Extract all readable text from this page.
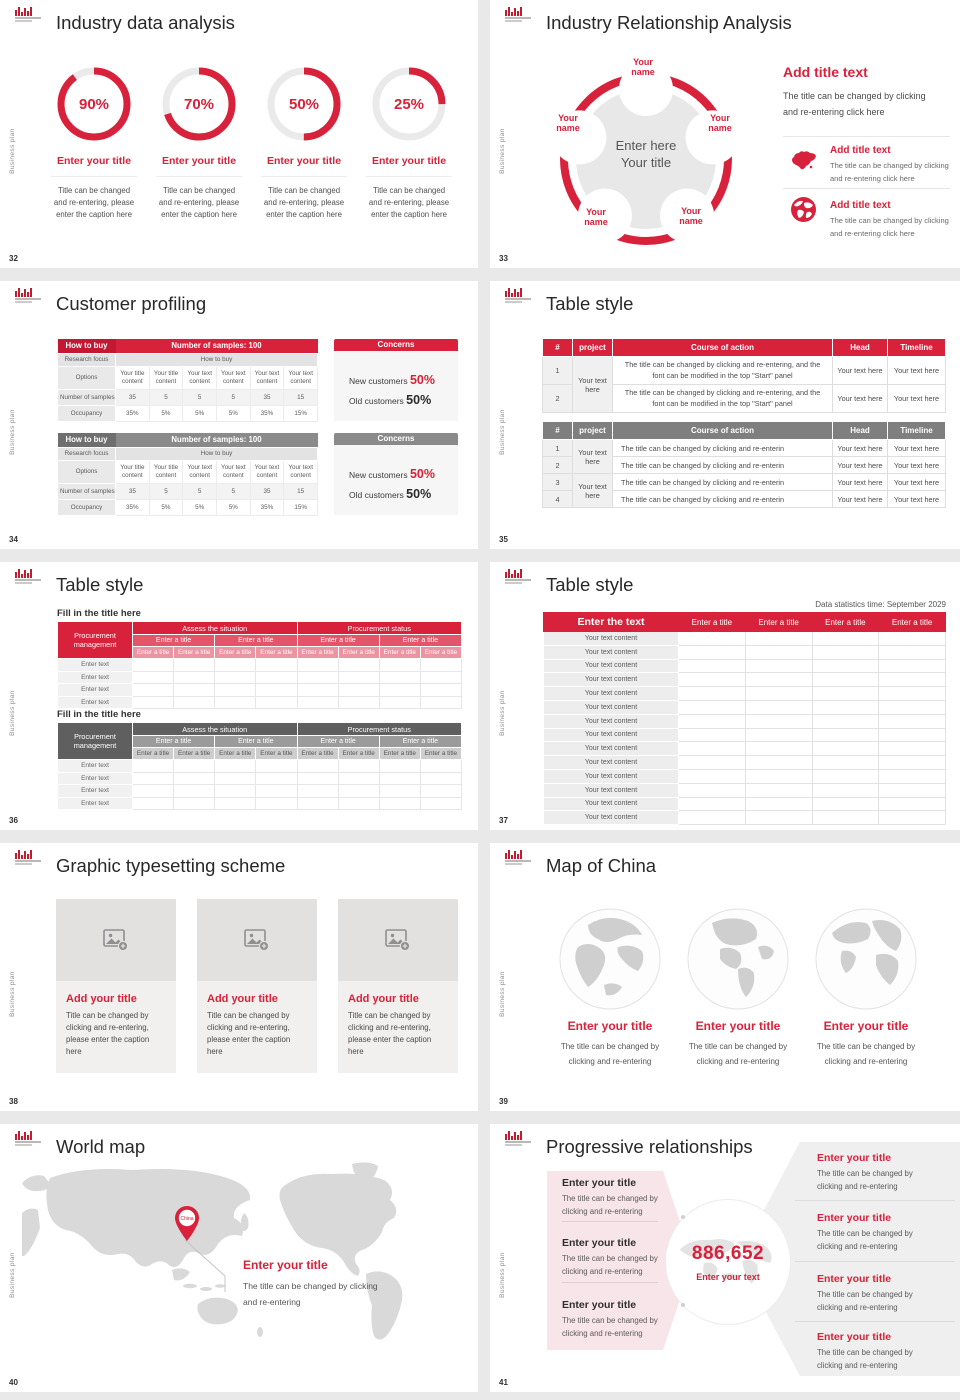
Business plan
Industry data analysis
90%
Enter your title
Title can be changed
and re-entering, please
enter the caption here
70%
Enter your title
Title can be changed
and re-entering, please
enter the caption here
50%
Enter your title
Title can be changed
and re-entering, please
enter the caption here
25%
Enter your title
Title can be changed
and re-entering, please
enter the caption here
32
Business plan
Industry Relationship Analysis
Your name
Your name
Your name
Your name
Your name
Enter here
Your title
Add title text
The title can be changed by clicking
and re-entering click here
Add title text
The title can be changed by clicking
and re-entering click here
Add title text
The title can be changed by clicking
and re-entering click here
33
Business plan
Customer profiling
How to buy	Number of samples: 100					
Research focus	How to buy					
Options	Your title content	Your title content	Your text content	Your text content	Your text content	Your text content
Number of samples	35	5	5	5	35	15
Occupancy	35%	5%	5%	5%	35%	15%
Concerns
New customers 50%
Old customers 50%
How to buy	Number of samples: 100					
Research focus	How to buy					
Options	Your title content	Your title content	Your text content	Your text content	Your text content	Your text content
Number of samples	35	5	5	5	35	15
Occupancy	35%	5%	5%	5%	35%	15%
Concerns
New customers 50%
Old customers 50%
34
Business plan
Table style
#	project	Course of action	Head	Timeline
1	Your text here	The title can be changed by clicking and re-entering, and the font can be modified in the top "Start" panel	Your text here	Your text here
2		The title can be changed by clicking and re-entering, and the font can be modified in the top "Start" panel	Your text here	Your text here
#	project	Course of action	Head	Timeline
1	Your text here	The title can be changed by clicking and re-enterin	Your text here	Your text here
2		The title can be changed by clicking and re-enterin	Your text here	Your text here
3	Your text here	The title can be changed by clicking and re-enterin	Your text here	Your text here
4		The title can be changed by clicking and re-enterin	Your text here	Your text here
35
Business plan
Table style
Fill in the title here
Procurement management	Assess the situation				Procurement status			
	Enter a title		Enter a title		Enter a title		Enter a title	
	Enter a title	Enter a title	Enter a title	Enter a title	Enter a title	Enter a title	Enter a title	Enter a title
Enter text								
Enter text								
Enter text								
Enter text								
Fill in the title here
Procurement management	Assess the situation				Procurement status			
	Enter a title		Enter a title		Enter a title		Enter a title	
	Enter a title	Enter a title	Enter a title	Enter a title	Enter a title	Enter a title	Enter a title	Enter a title
Enter text								
Enter text								
Enter text								
Enter text								
36
Business plan
Table style
Data statistics time: September 2029
Enter the text	Enter a title	Enter a title	Enter a title	Enter a title
Your text content				
Your text content				
Your text content				
Your text content				
Your text content				
Your text content				
Your text content				
Your text content				
Your text content				
Your text content				
Your text content				
Your text content				
Your text content				
Your text content				
37
Business plan
Graphic typesetting scheme
Add your title
Title can be changed by
clicking and re-entering,
please enter the caption here
Add your title
Title can be changed by
clicking and re-entering,
please enter the caption here
Add your title
Title can be changed by
clicking and re-entering,
please enter the caption here
38
Business plan
Map of China
Enter your title	Enter your title	Enter your title
The title can be changed by
clicking and re-entering
The title can be changed by
clicking and re-entering
The title can be changed by
clicking and re-entering
39
Business plan
World map
China
Enter your title
The title can be changed by clicking
and re-entering
40
Business plan
Progressive relationships
Enter your title
The title can be changed by
clicking and re-entering
Enter your title
The title can be changed by
clicking and re-entering
Enter your title
The title can be changed by
clicking and re-entering
886,652
Enter your text
Enter your title
The title can be changed by
clicking and re-entering
Enter your title
The title can be changed by
clicking and re-entering
Enter your title
The title can be changed by
clicking and re-entering
Enter your title
The title can be changed by
clicking and re-entering
41
